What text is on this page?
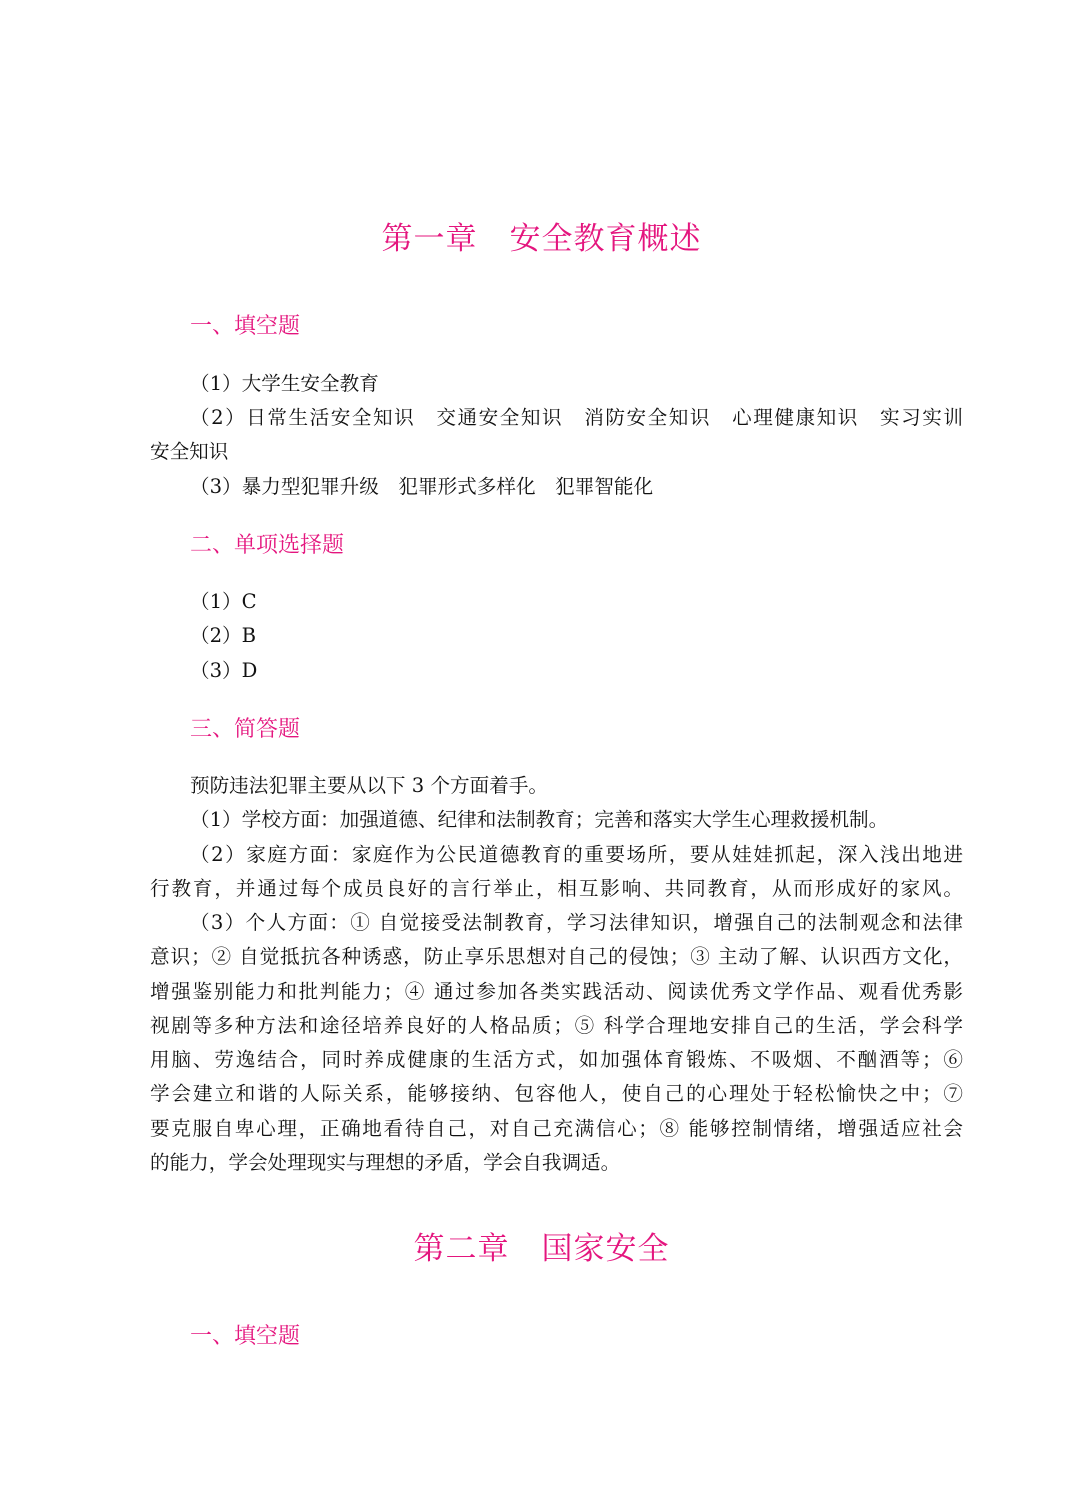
第一章　安全教育概述
一、填空题

（1）大学生安全教育

（2）日常生活安全知识　交通安全知识　消防安全知识　心理健康知识　实习实训

安全知识

（3）暴力型犯罪升级　犯罪形式多样化　犯罪智能化

二、单项选择题

（1）C

（2）B

（3）D

三、简答题

预防违法犯罪主要从以下 3 个方面着手。

（1）学校方面：加强道德、纪律和法制教育；完善和落实大学生心理救援机制。

（2）家庭方面：家庭作为公民道德教育的重要场所，要从娃娃抓起，深入浅出地进

行教育，并通过每个成员良好的言行举止，相互影响、共同教育，从而形成好的家风。

（3）个人方面：① 自觉接受法制教育，学习法律知识，增强自己的法制观念和法律

意识；② 自觉抵抗各种诱惑，防止享乐思想对自己的侵蚀；③ 主动了解、认识西方文化，

增强鉴别能力和批判能力；④ 通过参加各类实践活动、阅读优秀文学作品、观看优秀影

视剧等多种方法和途径培养良好的人格品质；⑤ 科学合理地安排自己的生活，学会科学

用脑、劳逸结合，同时养成健康的生活方式，如加强体育锻炼、不吸烟、不酗酒等；⑥

学会建立和谐的人际关系，能够接纳、包容他人，使自己的心理处于轻松愉快之中；⑦

要克服自卑心理，正确地看待自己，对自己充满信心；⑧ 能够控制情绪，增强适应社会

的能力，学会处理现实与理想的矛盾，学会自我调适。

第二章　国家安全
一、填空题
